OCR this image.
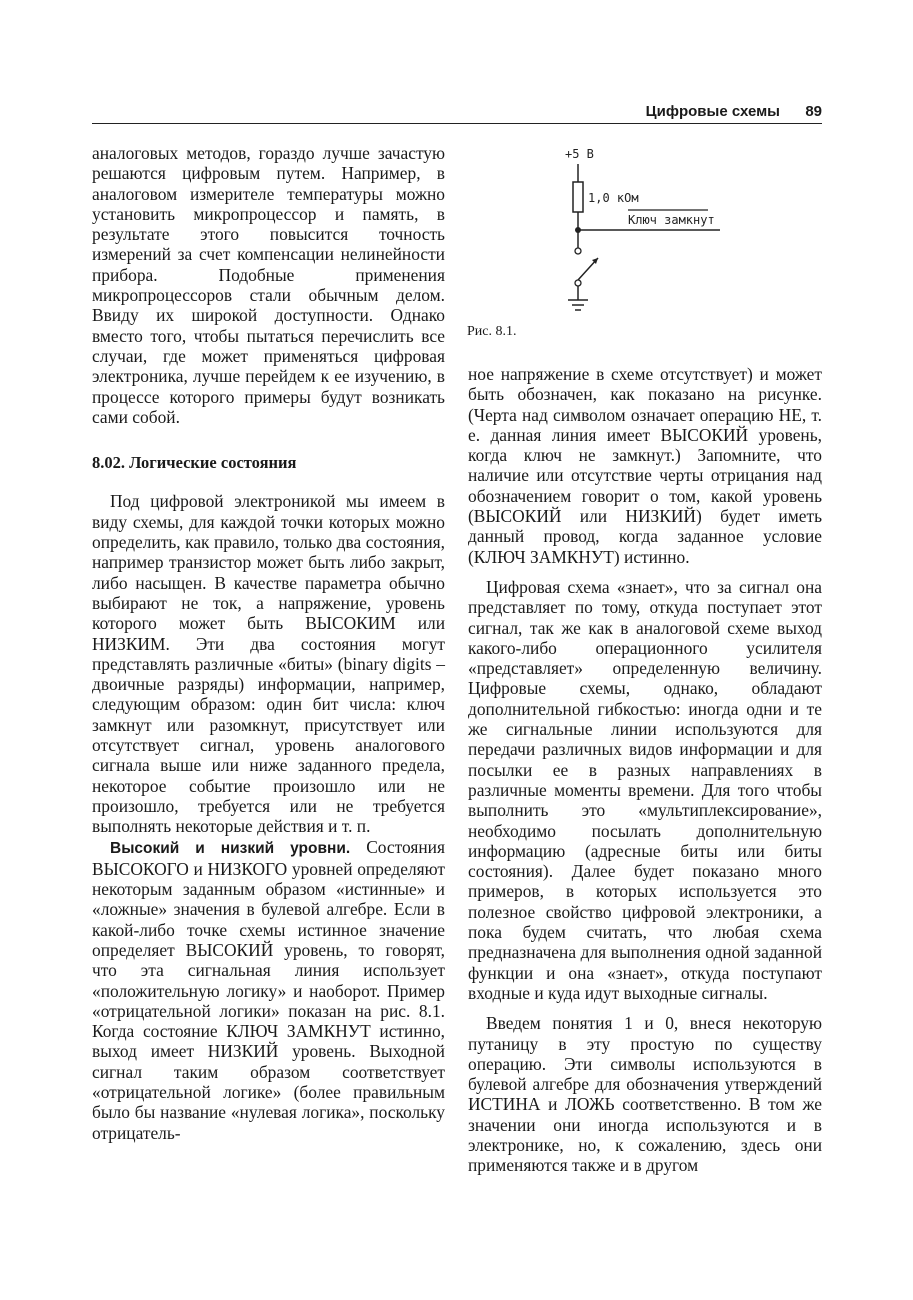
Цифровые схемы 89
+5 В
1,0 кОм
Ключ замкнут
Рис. 8.1.

аналоговых методов, гораздо лучше зачастую решаются цифровым путем. Например, в аналоговом измерителе температуры можно установить микропроцессор и память, в результате этого повысится точность измерений за счет компенсации нелинейности прибора. Подобные применения микропроцессоров стали обычным делом. Ввиду их широкой доступности. Однако вместо того, чтобы пытаться перечислить все случаи, где может применяться цифровая электроника, лучше перейдем к ее изучению, в процессе которого примеры будут возникать сами собой.

8.02. Логические состояния

Под цифровой электроникой мы имеем в виду схемы, для каждой точки которых можно определить, как правило, только два состояния, например транзистор может быть либо закрыт, либо насыщен. В качестве параметра обычно выбирают не ток, а напряжение, уровень которого может быть ВЫСОКИМ или НИЗКИМ. Эти два состояния могут представлять различные «биты» (binary digits – двоичные разряды) информации, например, следующим образом: один бит числа: ключ замкнут или разомкнут, присутствует или отсутствует сигнал, уровень аналогового сигнала выше или ниже заданного предела, некоторое событие произошло или не произошло, требуется или не требуется выполнять некоторые действия и т. п.

Высокий и низкий уровни. Состояния ВЫСОКОГО и НИЗКОГО уровней определяют некоторым заданным образом «истинные» и «ложные» значения в булевой алгебре. Если в какой-либо точке схемы истинное значение определяет ВЫСОКИЙ уровень, то говорят, что эта сигнальная линия использует «положительную логику» и наоборот. Пример «отрицательной логики» показан на рис. 8.1. Когда состояние КЛЮЧ ЗАМКНУТ истинно, выход имеет НИЗКИЙ уровень. Выходной сигнал таким образом соответствует «отрицательной логике» (более правильным было бы название «нулевая логика», поскольку отрицатель-

ное напряжение в схеме отсутствует) и может быть обозначен, как показано на рисунке. (Черта над символом означает операцию НЕ, т. е. данная линия имеет ВЫСОКИЙ уровень, когда ключ не замкнут.) Запомните, что наличие или отсутствие черты отрицания над обозначением говорит о том, какой уровень (ВЫСОКИЙ или НИЗКИЙ) будет иметь данный провод, когда заданное условие (КЛЮЧ ЗАМКНУТ) истинно.

Цифровая схема «знает», что за сигнал она представляет по тому, откуда поступает этот сигнал, так же как в аналоговой схеме выход какого-либо операционного усилителя «представляет» определенную величину. Цифровые схемы, однако, обладают дополнительной гибкостью: иногда одни и те же сигнальные линии используются для передачи различных видов информации и для посылки ее в разных направлениях в различные моменты времени. Для того чтобы выполнить это «мультиплексирование», необходимо посылать дополнительную информацию (адресные биты или биты состояния). Далее будет показано много примеров, в которых используется это полезное свойство цифровой электроники, а пока будем считать, что любая схема предназначена для выполнения одной заданной функции и она «знает», откуда поступают входные и куда идут выходные сигналы.

Введем понятия 1 и 0, внеся некоторую путаницу в эту простую по существу операцию. Эти символы используются в булевой алгебре для обозначения утверждений ИСТИНА и ЛОЖЬ соответственно. В том же значении они иногда используются и в электронике, но, к сожалению, здесь они применяются также и в другом
